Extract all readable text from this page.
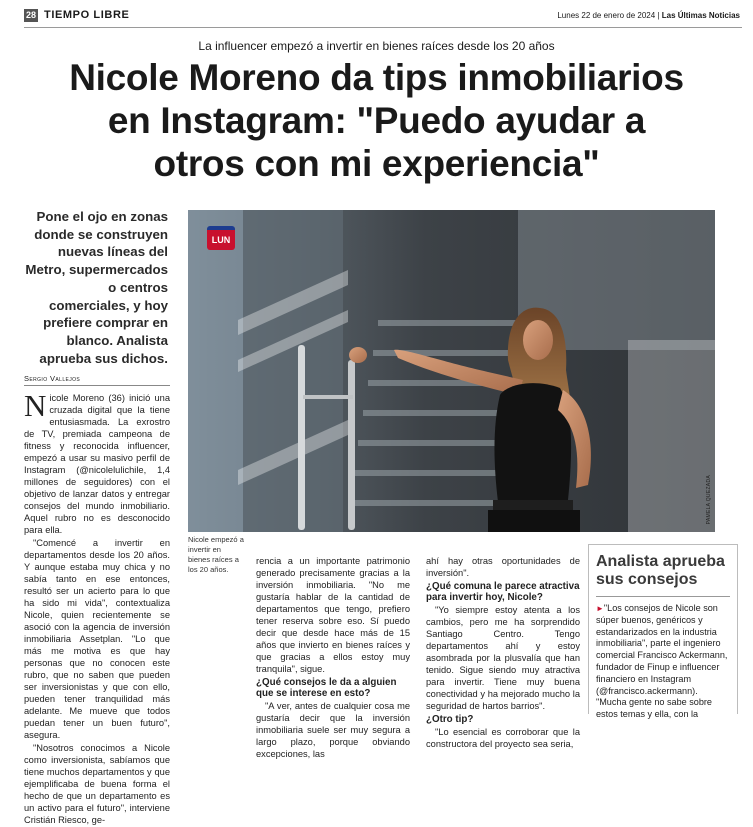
28 TIEMPO LIBRE	Lunes 22 de enero de 2024 | Las Últimas Noticias
La influencer empezó a invertir en bienes raíces desde los 20 años
Nicole Moreno da tips inmobiliarios
en Instagram: "Puedo ayudar a
otros con mi experiencia"
Pone el ojo en zonas donde se construyen nuevas líneas del Metro, supermercados o centros comerciales, y hoy prefiere comprar en blanco. Analista aprueba sus dichos.
LUN
PAMELA QUEZADA
Sergio Vallejos

Nicole Moreno (36) inició una cruzada digital que la tiene entusiasmada. La exrostro de TV, premiada campeona de fitness y reconocida influencer, empezó a usar su masivo perfil de Instagram (@nicolelulichile, 1,4 millones de seguidores) con el objetivo de lanzar datos y entregar consejos del mundo inmobiliario. Aquel rubro no es desconocido para ella.

"Comencé a invertir en departamentos desde los 20 años. Y aunque estaba muy chica y no sabía tanto en ese entonces, resultó ser un acierto para lo que ha sido mi vida", contextualiza Nicole, quien recientemente se asoció con la agencia de inversión inmobiliaria Assetplan. "Lo que más me motiva es que hay personas que no conocen este rubro, que no saben que pueden ser inversionistas y que con ello, pueden tener tranquilidad más adelante. Me mueve que todos puedan tener un buen futuro", asegura.

"Nosotros conocimos a Nicole como inversionista, sabíamos que tiene muchos departamentos y que ejemplificaba de buena forma el hecho de que un departamento es un activo para el futuro", interviene Cristián Riesco, ge-

Nicole empezó a invertir en bienes raíces a los 20 años.

rencia a un importante patrimonio generado precisamente gracias a la inversión inmobiliaria. "No me gustaría hablar de la cantidad de departamentos que tengo, prefiero tener reserva sobre eso. Sí puedo decir que desde hace más de 15 años que invierto en bienes raíces y que gracias a ellos estoy muy tranquila", sigue.

¿Qué consejos le da a alguien que se interese en esto?

"A ver, antes de cualquier cosa me gustaría decir que la inversión inmobiliaria suele ser muy segura a largo plazo, porque obviando excepciones, las

ahí hay otras oportunidades de inversión".

¿Qué comuna le parece atractiva para invertir hoy, Nicole?

"Yo siempre estoy atenta a los cambios, pero me ha sorprendido Santiago Centro. Tengo departamentos ahí y estoy asombrada por la plusvalía que han tenido. Sigue siendo muy atractiva para invertir. Tiene muy buena conectividad y ha mejorado mucho la seguridad de hartos barrios".

¿Otro tip?

"Lo esencial es corroborar que la constructora del proyecto sea seria,

Analista aprueba sus consejos
►"Los consejos de Nicole son súper buenos, genéricos y estandarizados en la industria inmobiliaria", parte el ingeniero comercial Francisco Ackermann, fundador de Finup e influencer financiero en Instagram (@francisco.ackermann). "Mucha gente no sabe sobre estos temas y ella, con la
